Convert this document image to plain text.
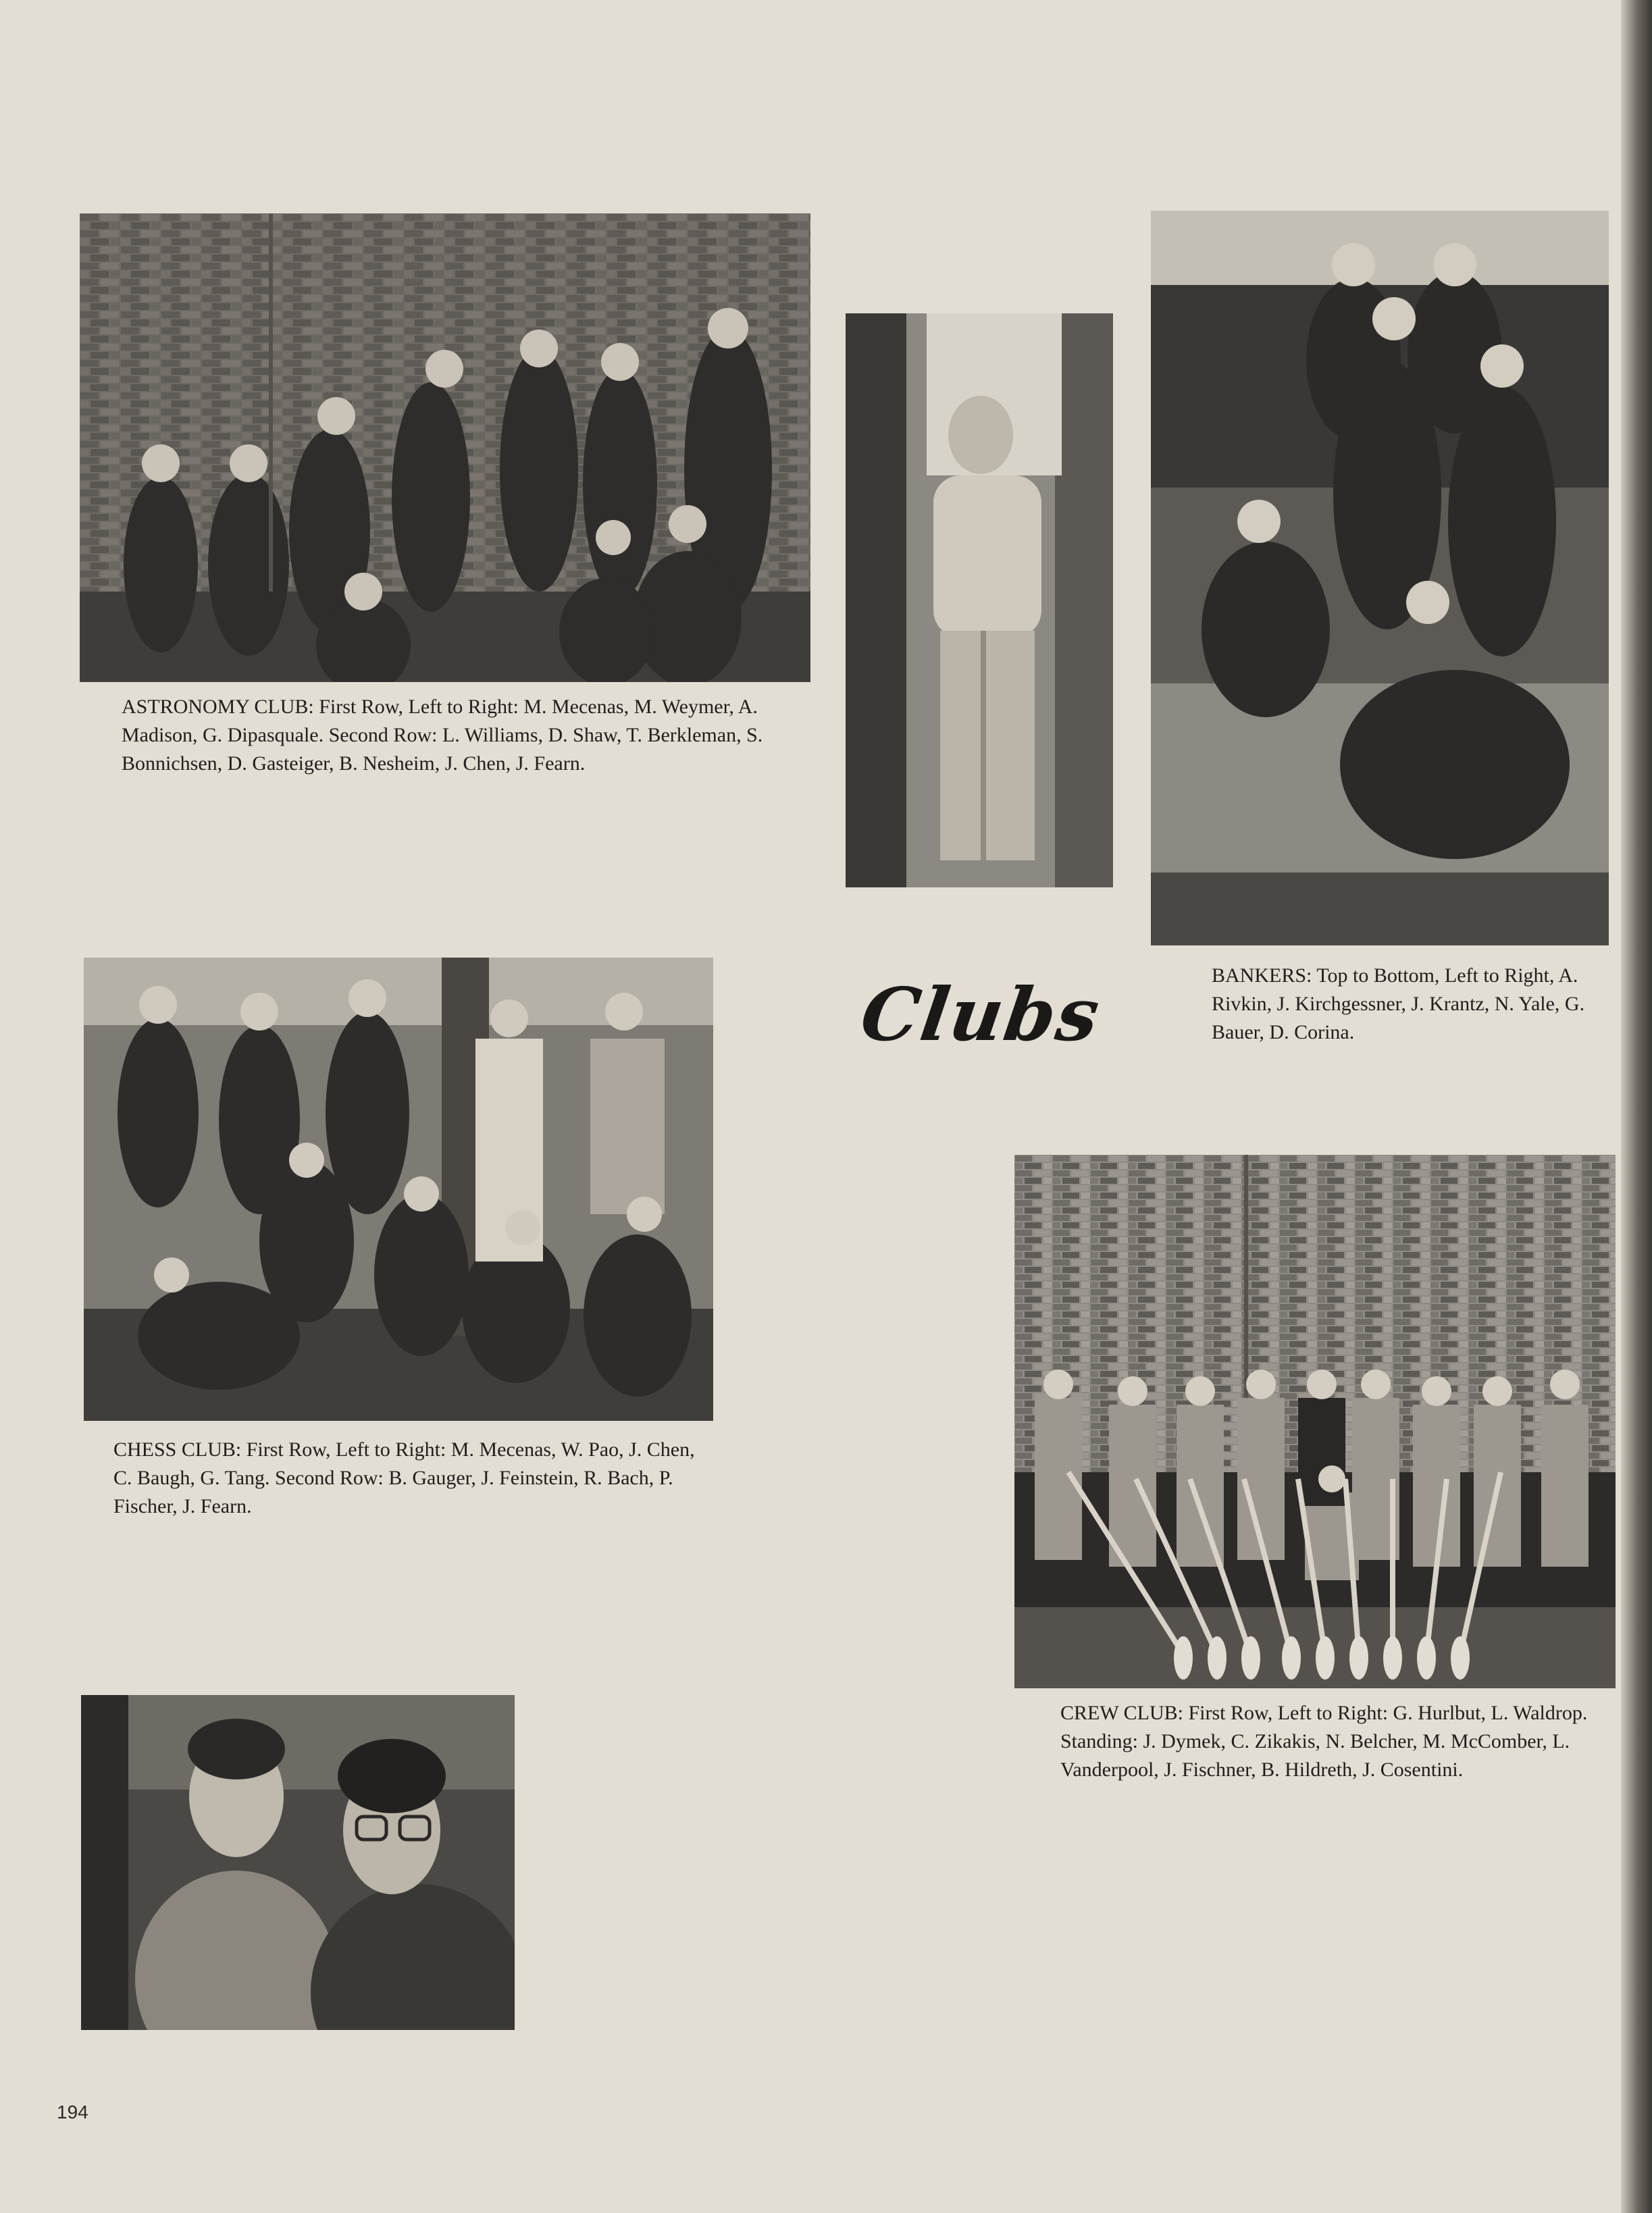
ASTRONOMY CLUB: First Row, Left to Right: M. Mecenas, M. Weymer, A. Madison, G. Dipasquale. Second Row: L. Williams, D. Shaw, T. Berkleman, S. Bonnichsen, D. Gasteiger, B. Nesheim, J. Chen, J. Fearn.
BANKERS: Top to Bottom, Left to Right, A. Rivkin, J. Kirchgessner, J. Krantz, N. Yale, G. Bauer, D. Corina.
Clubs
CHESS CLUB: First Row, Left to Right: M. Mecenas, W. Pao, J. Chen, C. Baugh, G. Tang. Second Row: B. Gauger, J. Feinstein, R. Bach, P. Fischer, J. Fearn.
CREW CLUB: First Row, Left to Right: G. Hurlbut, L. Waldrop. Standing: J. Dymek, C. Zikakis, N. Belcher, M. McComber, L. Vanderpool, J. Fischner, B. Hildreth, J. Cosentini.
194
